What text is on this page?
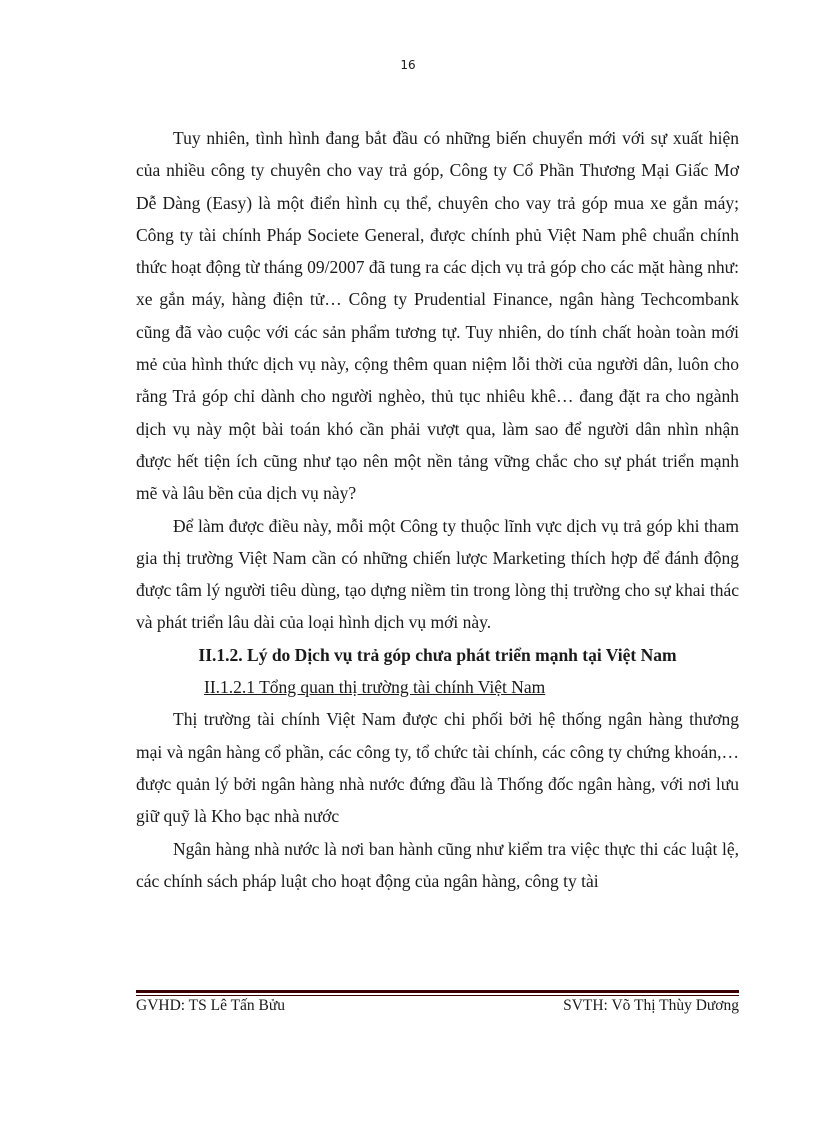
16

Tuy nhiên, tình hình đang bắt đầu có những biến chuyển mới với sự xuất hiện của nhiều công ty chuyên cho vay trả góp, Công ty Cổ Phần Thương Mại Giấc Mơ Dễ Dàng (Easy) là một điển hình cụ thể, chuyên cho vay trả góp mua xe gắn máy; Công ty tài chính Pháp Societe General, được chính phủ Việt Nam phê chuẩn chính thức hoạt động từ tháng 09/2007 đã tung ra các dịch vụ trả góp cho các mặt hàng như: xe gắn máy, hàng điện tử… Công ty Prudential Finance, ngân hàng Techcombank cũng đã vào cuộc với các sản phẩm tương tự. Tuy nhiên, do tính chất hoàn toàn mới mẻ của hình thức dịch vụ này, cộng thêm quan niệm lỗi thời của người dân, luôn cho rằng Trả góp chỉ dành cho người nghèo, thủ tục nhiêu khê… đang đặt ra cho ngành dịch vụ này một bài toán khó cần phải vượt qua, làm sao để người dân nhìn nhận được hết tiện ích cũng như tạo nên một nền tảng vững chắc cho sự phát triển mạnh mẽ và lâu bền của dịch vụ này?

Để làm được điều này, mỗi một Công ty thuộc lĩnh vực dịch vụ trả góp khi tham gia thị trường Việt Nam cần có những chiến lược Marketing thích hợp để đánh động được tâm lý người tiêu dùng, tạo dựng niềm tin trong lòng thị trường cho sự khai thác và phát triển lâu dài của loại hình dịch vụ mới này.

II.1.2. Lý do Dịch vụ trả góp chưa phát triển mạnh tại Việt Nam

II.1.2.1 Tổng quan thị trường tài chính Việt Nam

Thị trường tài chính Việt Nam được chi phối bởi hệ thống ngân hàng thương mại và ngân hàng cổ phần, các công ty, tổ chức tài chính, các công ty chứng khoán,… được quản lý bởi ngân hàng nhà nước đứng đầu là Thống đốc ngân hàng, với nơi lưu giữ quỹ là Kho bạc nhà nước

Ngân hàng nhà nước là nơi ban hành cũng như kiểm tra việc thực thi các luật lệ, các chính sách pháp luật cho hoạt động của ngân hàng, công ty tài

GVHD: TS Lê Tấn Bửu	SVTH: Võ Thị Thùy Dương
